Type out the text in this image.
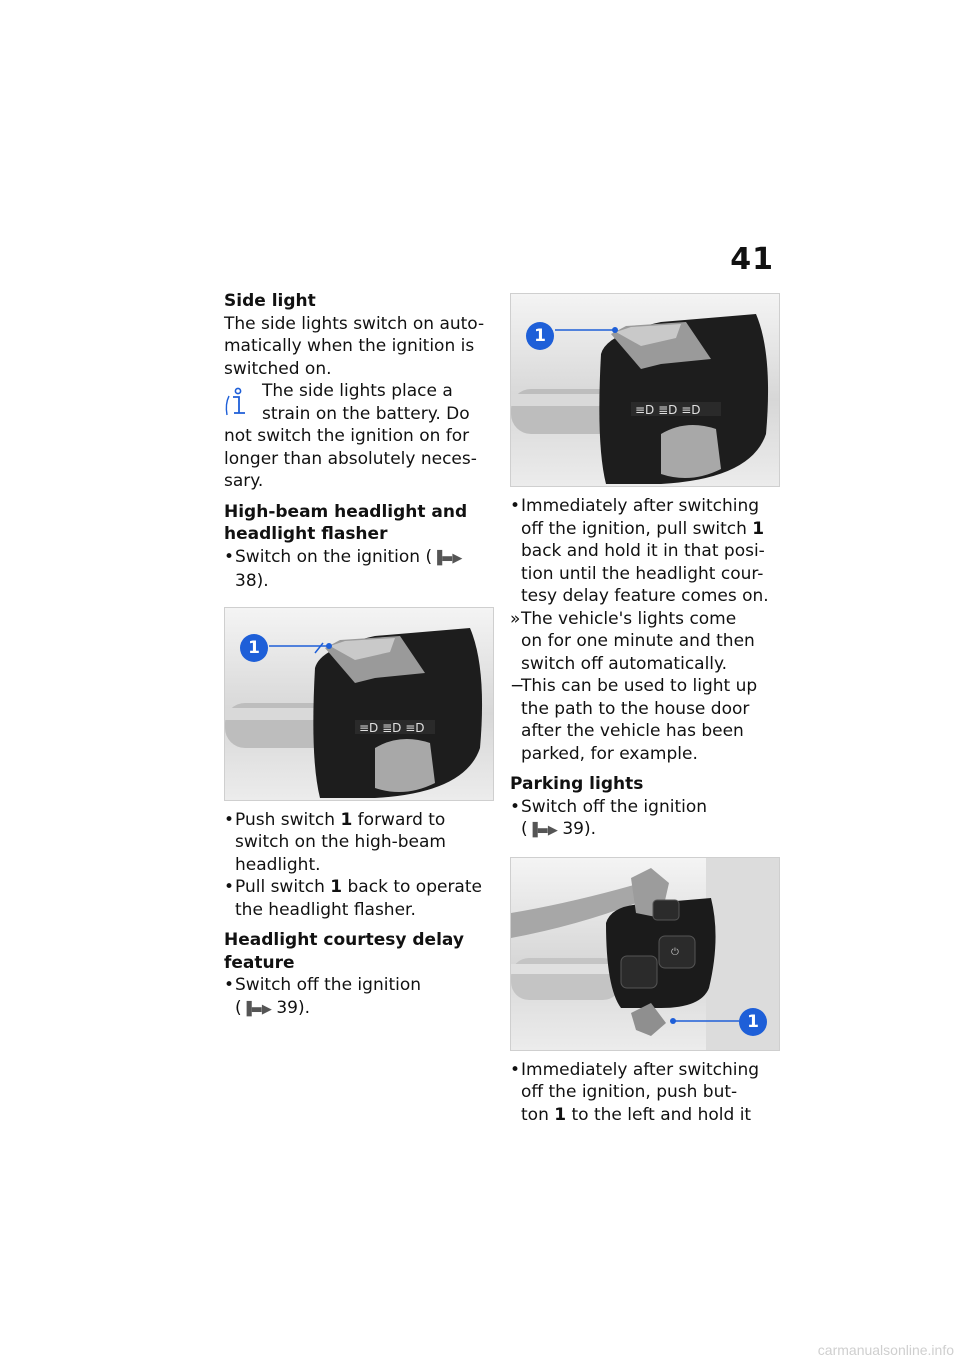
41

Side light

The side lights switch on auto-

matically when the ignition is

switched on.

The side lights place a
strain on the battery. Do
not switch the ignition on for
longer than absolutely neces-
sary.

High-beam headlight and

headlight flasher

• Switch on the ignition (▐▬▶ 38).
≡D ≣D ≡D
1
• Push switch 1 forward to
switch on the high-beam
headlight.
• Pull switch 1 back to operate
the headlight flasher.

Headlight courtesy delay

feature

• Switch off the ignition
(▐▬▶ 39).
≡D ≣D ≡D
1
• Immediately after switching
off the ignition, pull switch 1
back and hold it in that posi-
tion until the headlight cour-
tesy delay feature comes on.
» The vehicle's lights come
on for one minute and then
switch off automatically.
−
This can be used to light up
the path to the house door
after the vehicle has been
parked, for example.

Parking lights

• Switch off the ignition
(▐▬▶ 39).
⏻
1
• Immediately after switching
off the ignition, push but-
ton 1 to the left and hold it
carmanualsonline.info
